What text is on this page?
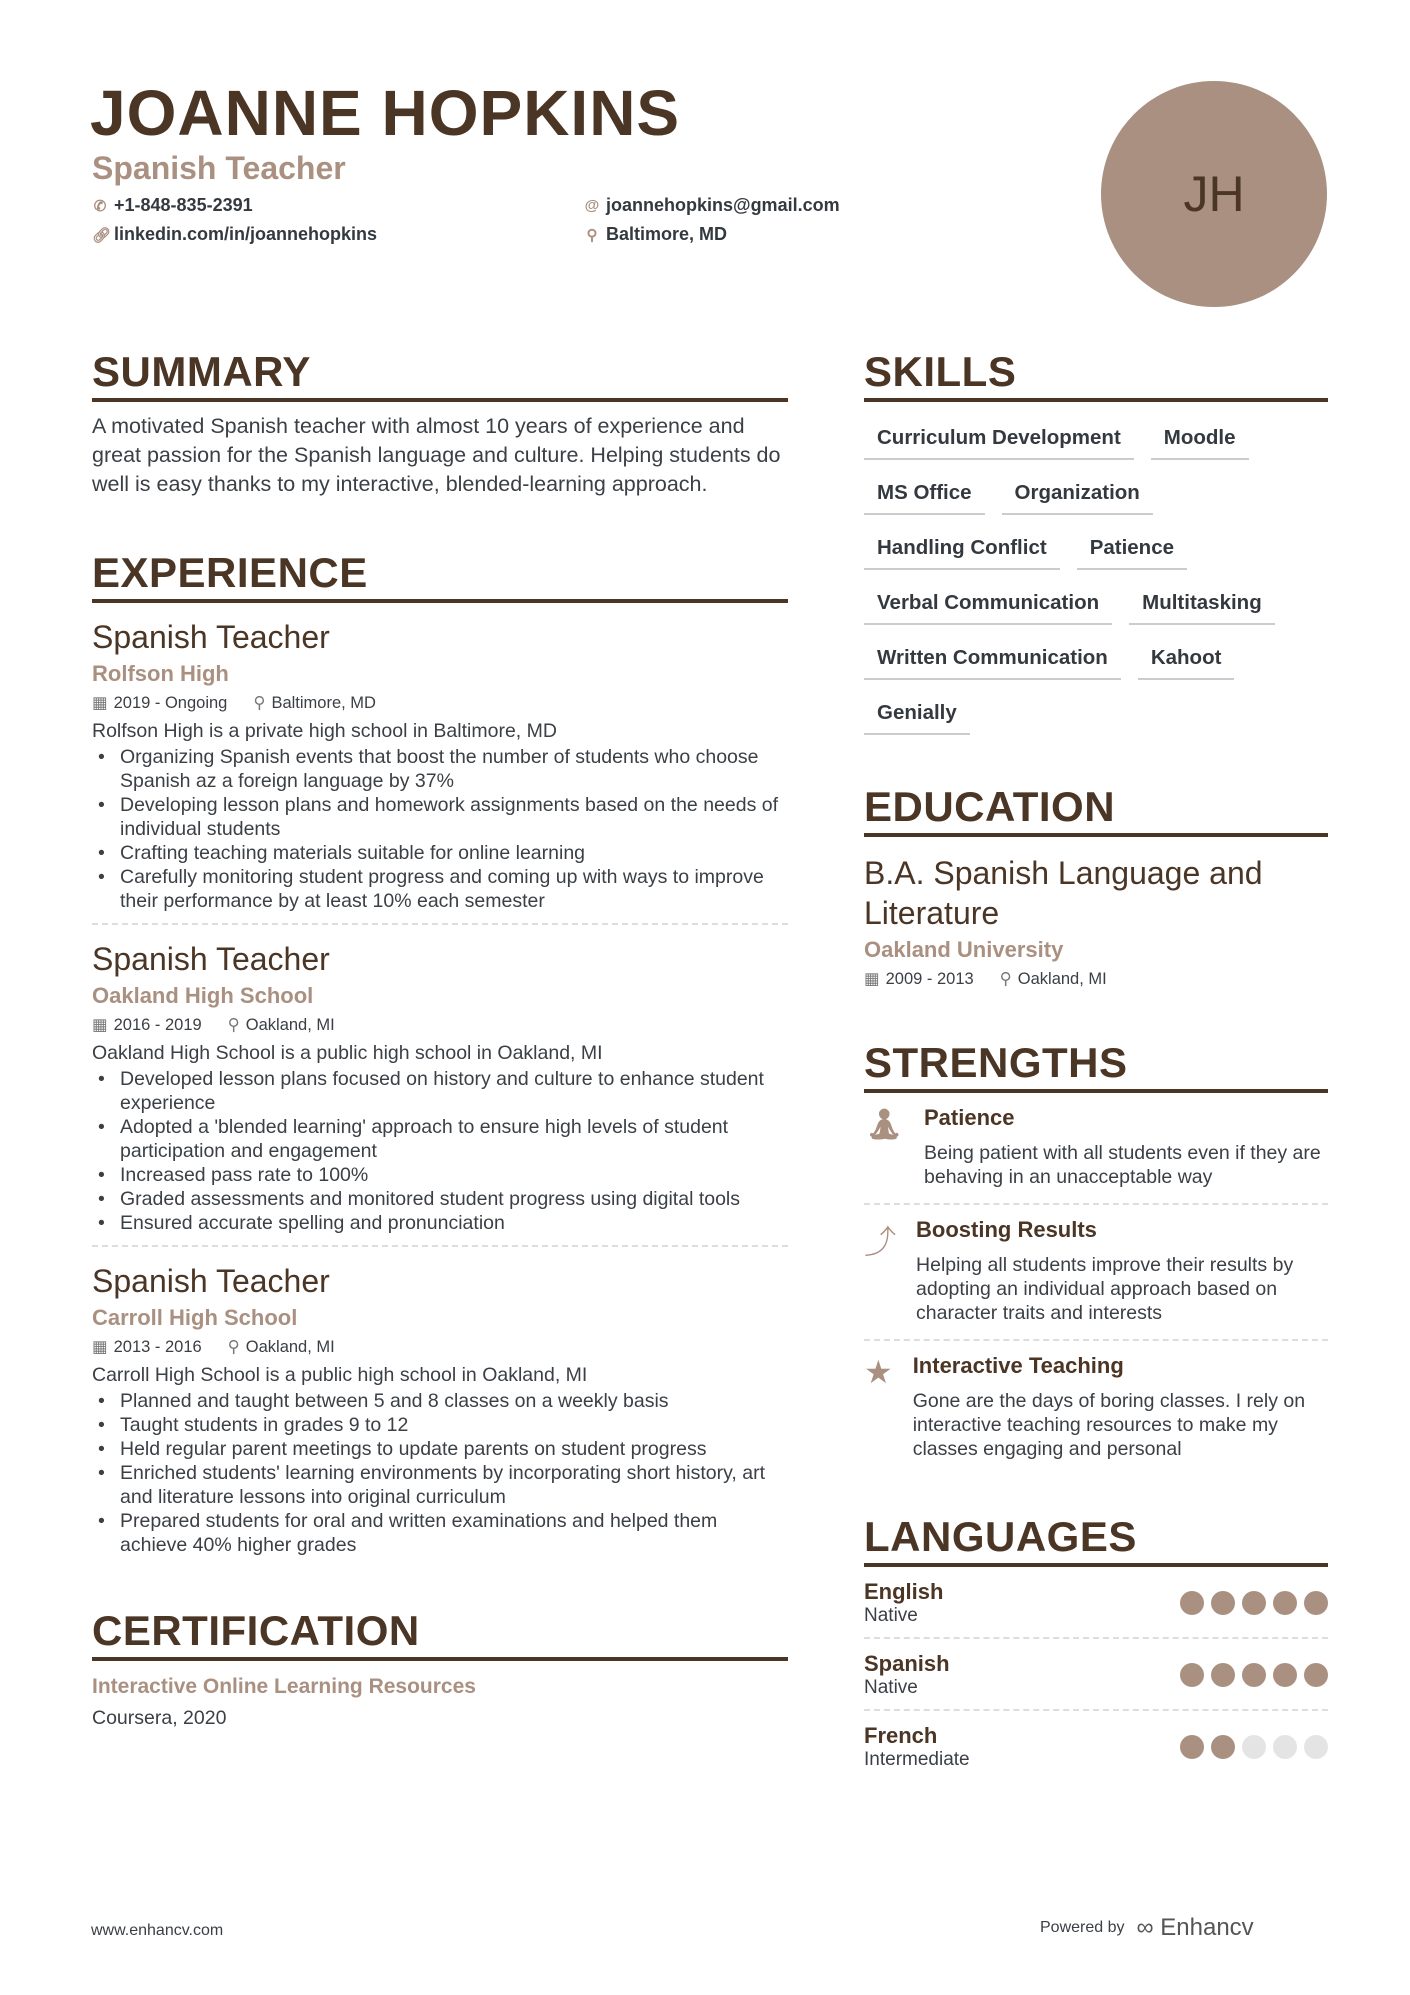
JOANNE HOPKINS
Spanish Teacher
✆ +1-848-835-2391
🔗︎ linkedin.com/in/joannehopkins
@ joannehopkins@gmail.com
⚲ Baltimore, MD
JH
SUMMARY

A motivated Spanish teacher with almost 10 years of experience and great passion for the Spanish language and culture. Helping students do well is easy thanks to my interactive, blended-learning approach.

EXPERIENCE
Spanish Teacher
Rolfson High
▦ 2019 - Ongoing ⚲ Baltimore, MD
Rolfson High is a private high school in Baltimore, MD
• Organizing Spanish events that boost the number of students who choose Spanish az a foreign language by 37%
• Developing lesson plans and homework assignments based on the needs of individual students
• Crafting teaching materials suitable for online learning
• Carefully monitoring student progress and coming up with ways to improve their performance by at least 10% each semester
Spanish Teacher
Oakland High School
▦ 2016 - 2019 ⚲ Oakland, MI
Oakland High School is a public high school in Oakland, MI
• Developed lesson plans focused on history and culture to enhance student experience
• Adopted a 'blended learning' approach to ensure high levels of student participation and engagement
• Increased pass rate to 100%
• Graded assessments and monitored student progress using digital tools
• Ensured accurate spelling and pronunciation
Spanish Teacher
Carroll High School
▦ 2013 - 2016 ⚲ Oakland, MI
Carroll High School is a public high school in Oakland, MI
• Planned and taught between 5 and 8 classes on a weekly basis
• Taught students in grades 9 to 12
• Held regular parent meetings to update parents on student progress
• Enriched students' learning environments by incorporating short history, art and literature lessons into original curriculum
• Prepared students for oral and written examinations and helped them achieve 40% higher grades
CERTIFICATION
Interactive Online Learning Resources
Coursera, 2020
SKILLS
Curriculum Development	Moodle
MS Office	Organization
Handling Conflict	Patience
Verbal Communication	Multitasking
Written Communication	Kahoot
Genially
EDUCATION
B.A. Spanish Language and Literature
Oakland University
▦ 2009 - 2013 ⚲ Oakland, MI
STRENGTHS
🧘︎ Patience

Being patient with all students even if they are behaving in an unacceptable way

⤴ Boosting Results

Helping all students improve their results by adopting an individual approach based on character traits and interests

★ Interactive Teaching

Gone are the days of boring classes. I rely on interactive teaching resources to make my classes engaging and personal

LANGUAGES
English
Native
Spanish
Native
French
Intermediate
www.enhancv.com	Powered by ∞ Enhancv
